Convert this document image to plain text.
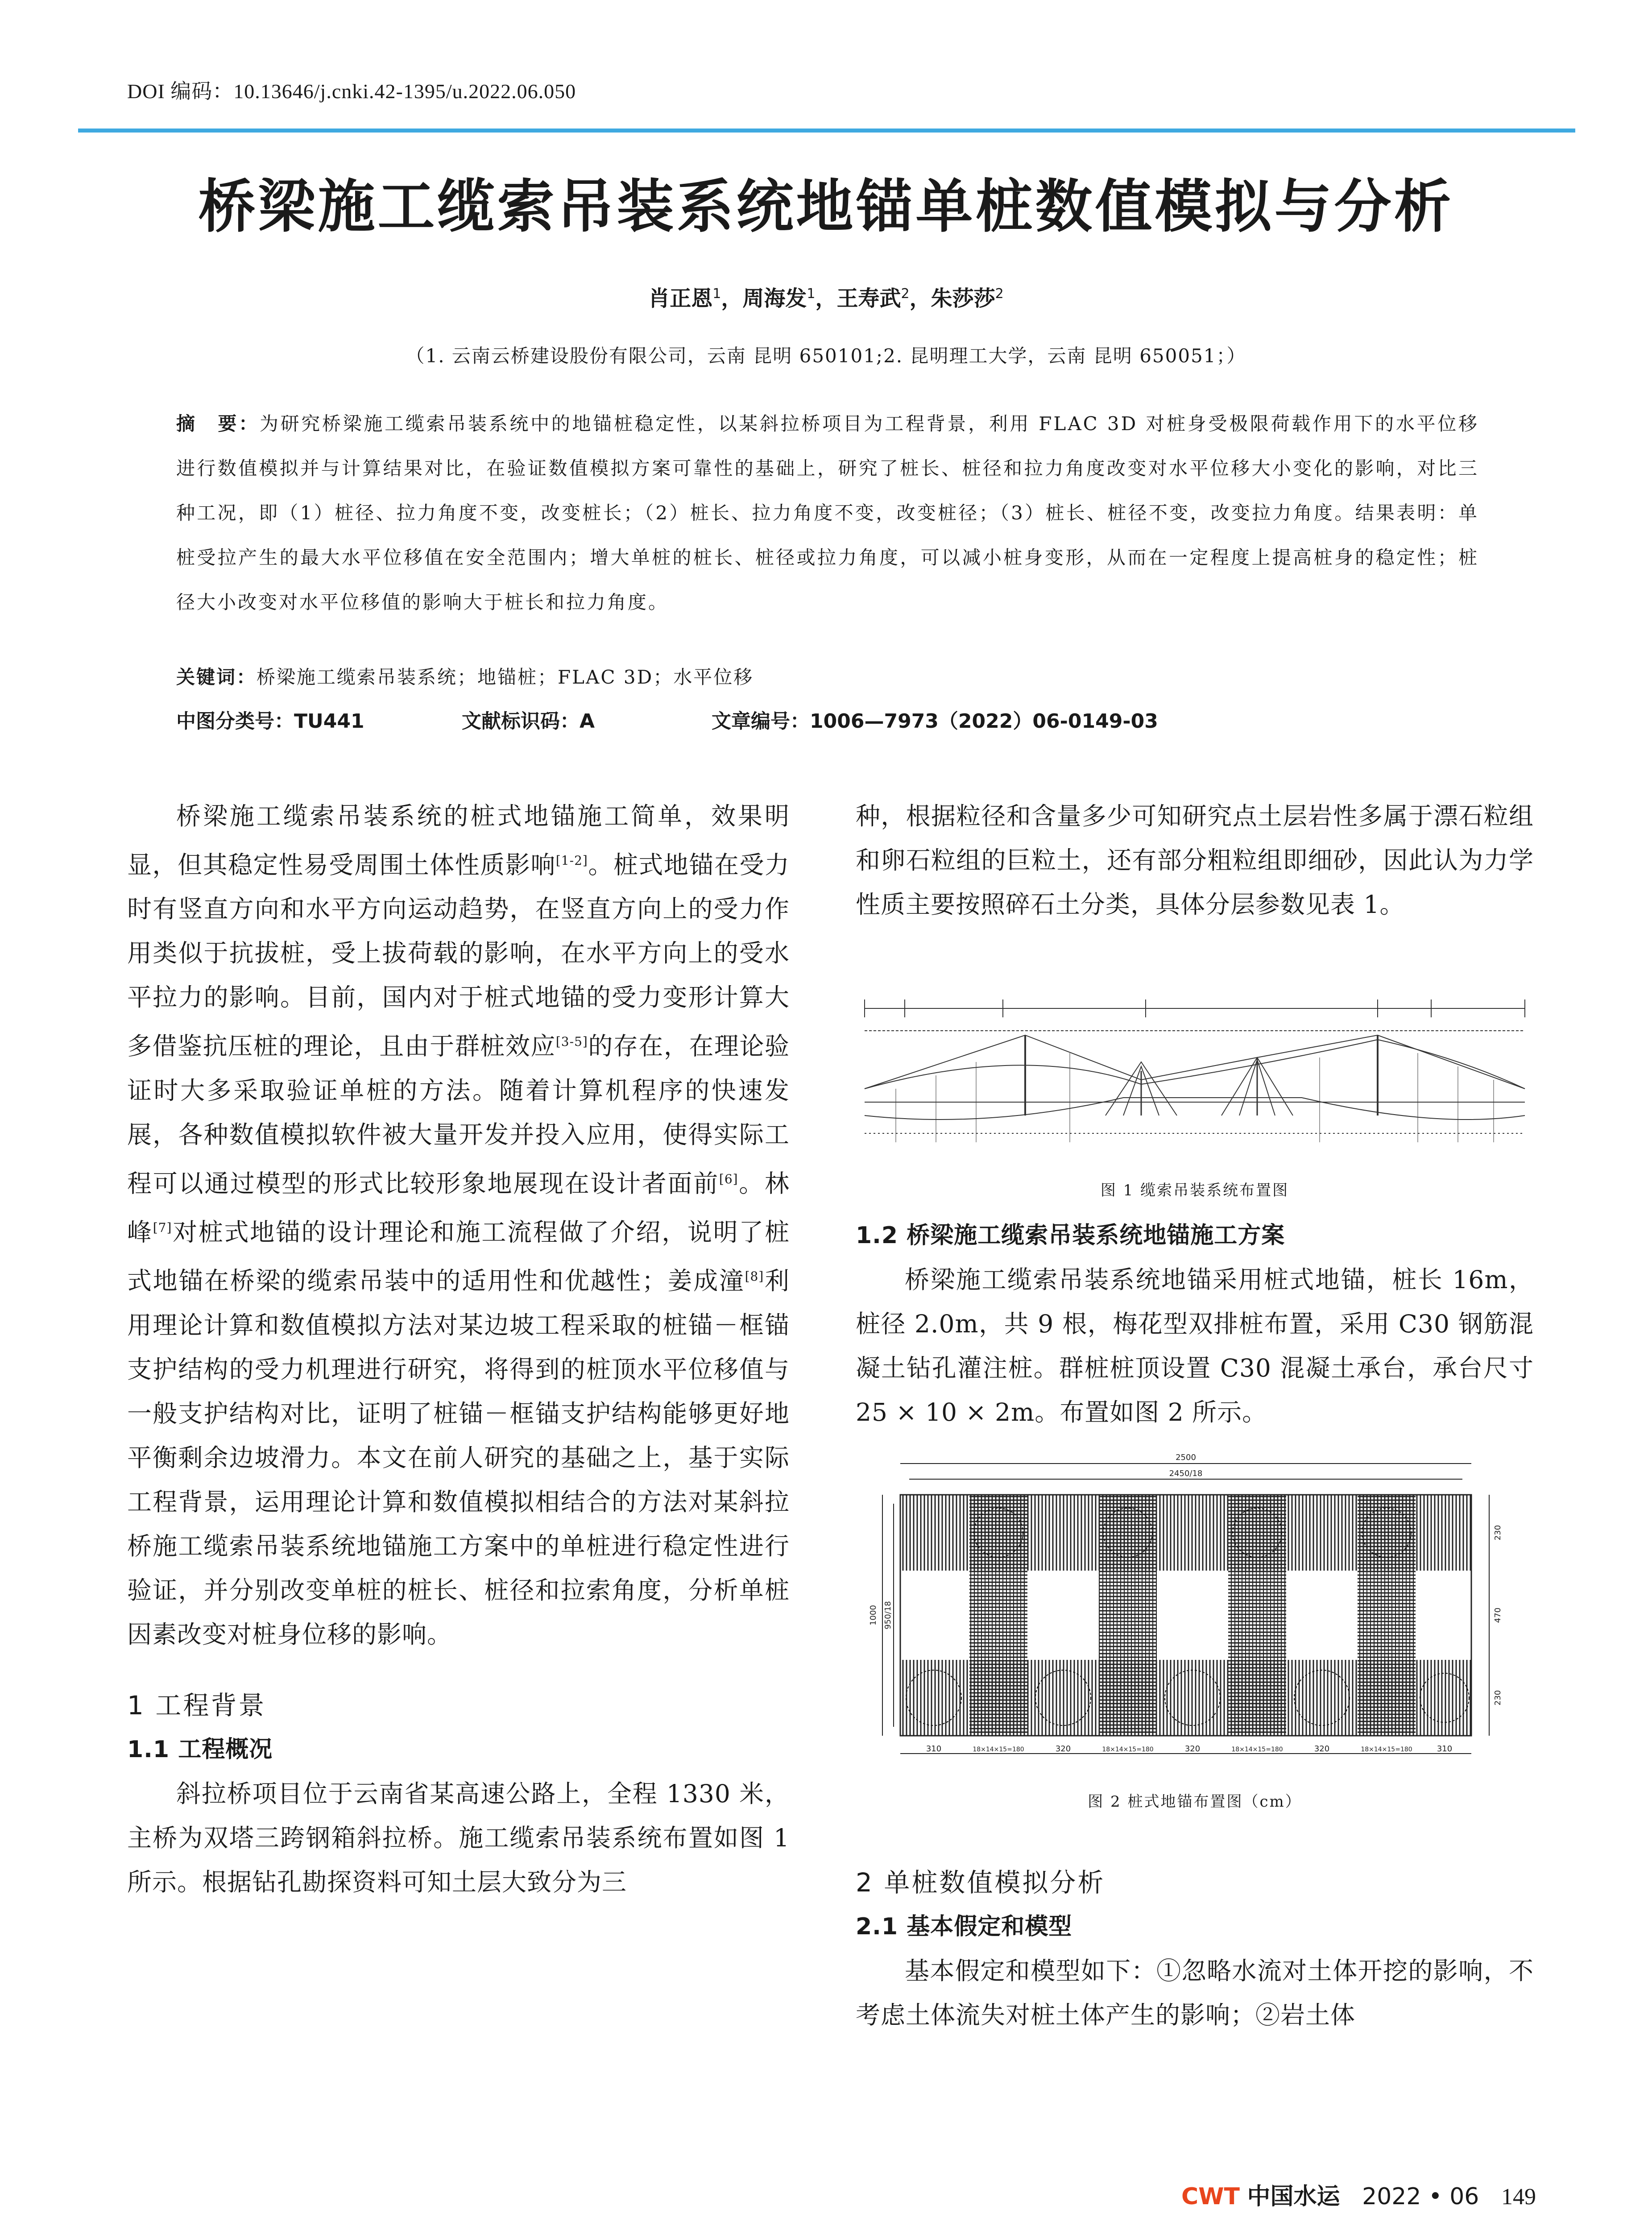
DOI 编码：10.13646/j.cnki.42-1395/u.2022.06.050
桥梁施工缆索吊装系统地锚单桩数值模拟与分析
肖正恩$^1$，周海发$^1$，王寿武$^2$，朱莎莎$^2$
（1. 云南云桥建设股份有限公司，云南 昆明 650101;2. 昆明理工大学，云南 昆明 650051；）
摘　要：为研究桥梁施工缆索吊装系统中的地锚桩稳定性，以某斜拉桥项目为工程背景，利用 FLAC 3D 对桩身受极限荷载作用下的水平位移进行数值模拟并与计算结果对比，在验证数值模拟方案可靠性的基础上，研究了桩长、桩径和拉力角度改变对水平位移大小变化的影响，对比三种工况，即（1）桩径、拉力角度不变，改变桩长；（2）桩长、拉力角度不变，改变桩径；（3）桩长、桩径不变，改变拉力角度。结果表明：单桩受拉产生的最大水平位移值在安全范围内；增大单桩的桩长、桩径或拉力角度，可以减小桩身变形，从而在一定程度上提高桩身的稳定性；桩径大小改变对水平位移值的影响大于桩长和拉力角度。
关键词：桥梁施工缆索吊装系统；地锚桩；FLAC 3D；水平位移
中图分类号：TU441	文献标识码：A	文章编号：1006—7973（2022）06-0149-03

桥梁施工缆索吊装系统的桩式地锚施工简单，效果明显，但其稳定性易受周围土体性质影响[1-2]。桩式地锚在受力时有竖直方向和水平方向运动趋势，在竖直方向上的受力作用类似于抗拔桩，受上拔荷载的影响，在水平方向上的受水平拉力的影响。目前，国内对于桩式地锚的受力变形计算大多借鉴抗压桩的理论，且由于群桩效应[3-5]的存在，在理论验证时大多采取验证单桩的方法。随着计算机程序的快速发展，各种数值模拟软件被大量开发并投入应用，使得实际工程可以通过模型的形式比较形象地展现在设计者面前[6]。林峰[7]对桩式地锚的设计理论和施工流程做了介绍，说明了桩式地锚在桥梁的缆索吊装中的适用性和优越性；姜成潼[8]利用理论计算和数值模拟方法对某边坡工程采取的桩锚－框锚支护结构的受力机理进行研究，将得到的桩顶水平位移值与一般支护结构对比，证明了桩锚－框锚支护结构能够更好地平衡剩余边坡滑力。本文在前人研究的基础之上，基于实际工程背景，运用理论计算和数值模拟相结合的方法对某斜拉桥施工缆索吊装系统地锚施工方案中的单桩进行稳定性进行验证，并分别改变单桩的桩长、桩径和拉索角度，分析单桩因素改变对桩身位移的影响。

1 工程背景
1.1 工程概况

斜拉桥项目位于云南省某高速公路上，全程 1330 米，主桥为双塔三跨钢箱斜拉桥。施工缆索吊装系统布置如图 1 所示。根据钻孔勘探资料可知土层大致分为三

种，根据粒径和含量多少可知研究点土层岩性多属于漂石粒组和卵石粒组的巨粒土，还有部分粗粒组即细砂，因此认为力学性质主要按照碎石土分类，具体分层参数见表 1。

图 1 缆索吊装系统布置图
1.2 桥梁施工缆索吊装系统地锚施工方案

桥梁施工缆索吊装系统地锚采用桩式地锚，桩长 16m，桩径 2.0m，共 9 根，梅花型双排桩布置，采用 C30 钢筋混凝土钻孔灌注桩。群桩桩顶设置 C30 混凝土承台，承台尺寸 25 × 10 × 2m。布置如图 2 所示。

2500
2450/18
1000 950/18
230
470
230
310	18×14×15=180	320	18×14×15=180	320	18×14×15=180	320	18×14×15=180	310
图 2 桩式地锚布置图（cm）
2 单桩数值模拟分析
2.1 基本假定和模型

基本假定和模型如下：①忽略水流对土体开挖的影响，不考虑土体流失对桩土体产生的影响；②岩土体

CWT 中国水运 2022 • 06 149
